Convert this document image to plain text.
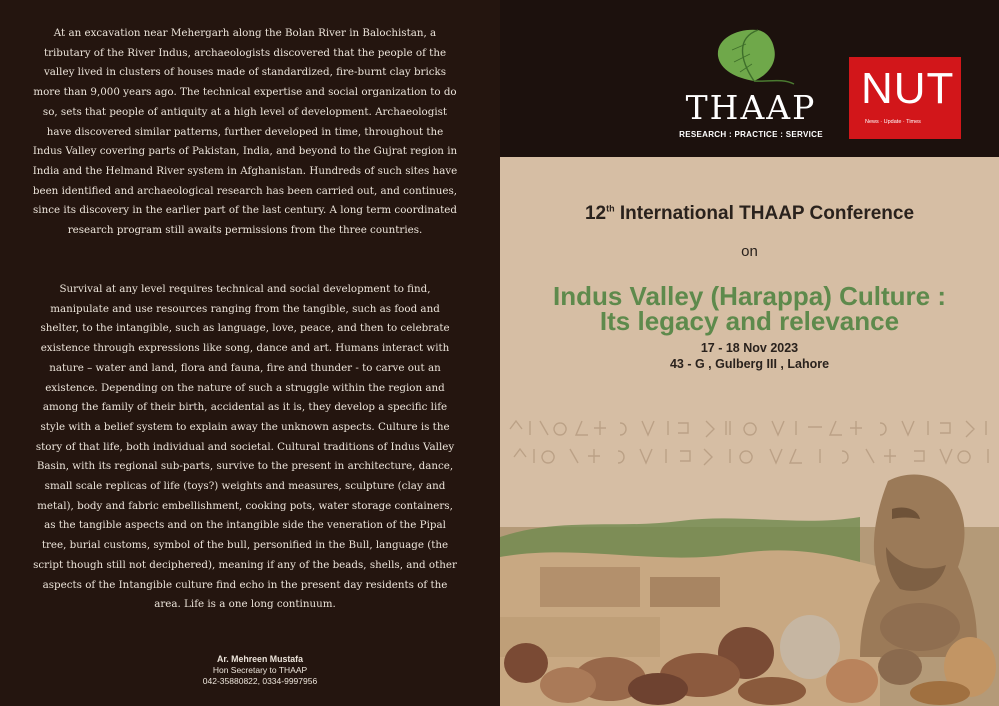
At an excavation near Mehergarh along the Bolan River in Balochistan, a tributary of the River Indus, archaeologists discovered that the people of the valley lived in clusters of houses made of standardized, fire-burnt clay bricks more than 9,000 years ago. The technical expertise and social organization to do so, sets that people of antiquity at a high level of development. Archaeologist have discovered similar patterns, further developed in time, throughout the Indus Valley covering parts of Pakistan, India, and beyond to the Gujrat region in India and the Helmand River system in Afghanistan. Hundreds of such sites have been identified and archaeological research has been carried out, and continues, since its discovery in the earlier part of the last century. A long term coordinated research program still awaits permissions from the three countries.
Survival at any level requires technical and social development to find, manipulate and use resources ranging from the tangible, such as food and shelter, to the intangible, such as language, love, peace, and then to celebrate existence through expressions like song, dance and art. Humans interact with nature – water and land, flora and fauna, fire and thunder - to carve out an existence. Depending on the nature of such a struggle within the region and among the family of their birth, accidental as it is, they develop a specific life style with a belief system to explain away the unknown aspects. Culture is the story of that life, both individual and societal. Cultural traditions of Indus Valley Basin, with its regional sub-parts, survive to the present in architecture, dance, small scale replicas of life (toys?) weights and measures, sculpture (clay and metal), body and fabric embellishment, cooking pots, water storage containers, as the tangible aspects and on the intangible side the veneration of the Pipal tree, burial customs, symbol of the bull, personified in the Bull, language (the script though still not deciphered), meaning if any of the beads, shells, and other aspects of the Intangible culture find echo in the present day residents of the area. Life is a one long continuum.
Ar. Mehreen Mustafa
Hon Secretary to THAAP
042-35880822, 0334-9997956
THAAP
RESEARCH : PRACTICE : SERVICE
NUT
News · Update · Times
12th International THAAP Conference
on
Indus Valley (Harappa) Culture :
Its legacy and relevance
17 - 18 Nov 2023
43 - G , Gulberg III , Lahore
